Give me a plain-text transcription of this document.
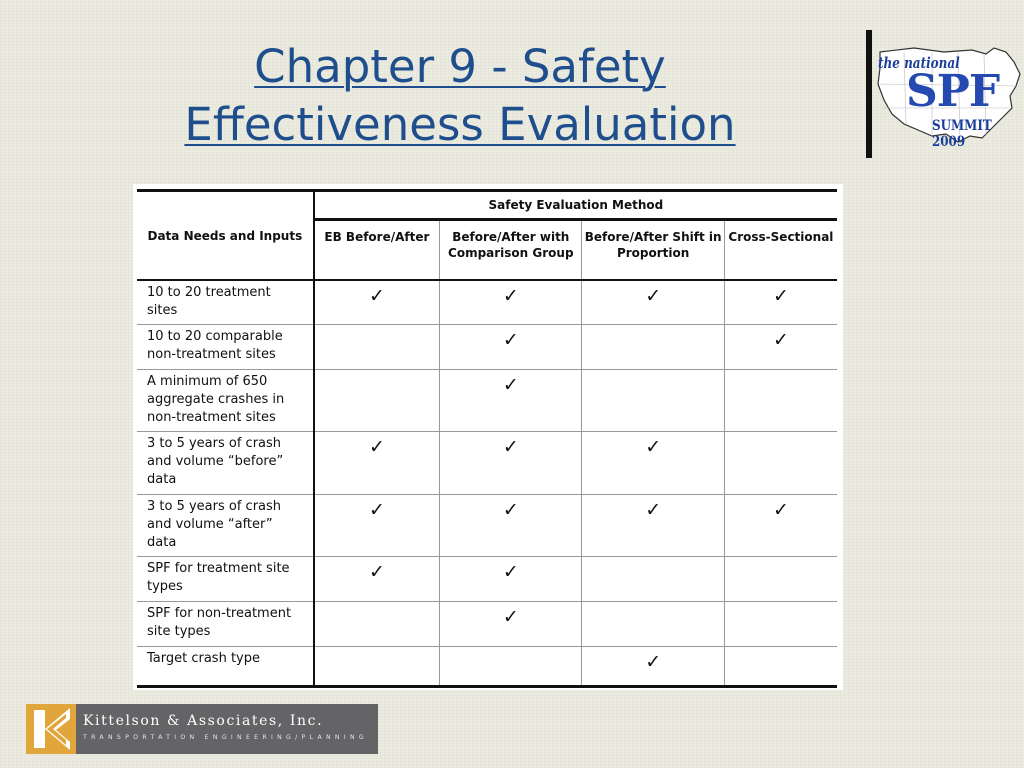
Chapter 9 - Safety
Effectiveness Evaluation
the national
SPF
SUMMIT 2009
Data Needs and Inputs	Safety Evaluation Method			
	EB Before/After	Before/After with Comparison Group	Before/After Shift in Proportion	Cross-Sectional
10 to 20 treatment sites	✓	✓	✓	✓
10 to 20 comparable non-treatment sites		✓		✓
A minimum of 650 aggregate crashes in non-treatment sites		✓		
3 to 5 years of crash and volume “before” data	✓	✓	✓	
3 to 5 years of crash and volume “after” data	✓	✓	✓	✓
SPF for treatment site types	✓	✓		
SPF for non-treatment site types		✓		
Target crash type			✓	
Kittelson & Associates, Inc.
TRANSPORTATION ENGINEERING/PLANNING
